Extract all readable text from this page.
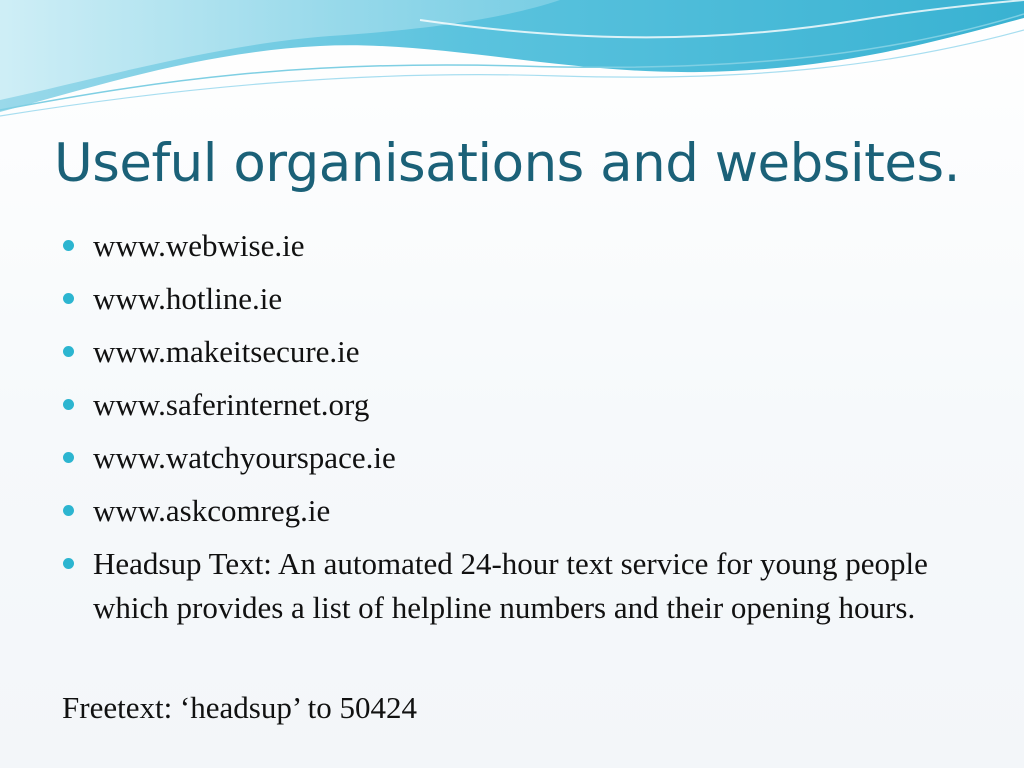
Useful organisations and websites.
www.webwise.ie
www.hotline.ie
www.makeitsecure.ie
www.saferinternet.org
www.watchyourspace.ie
www.askcomreg.ie
Headsup Text: An automated 24-hour text service for young people which provides a list of helpline numbers and their opening hours.

Freetext: ‘headsup’ to 50424
